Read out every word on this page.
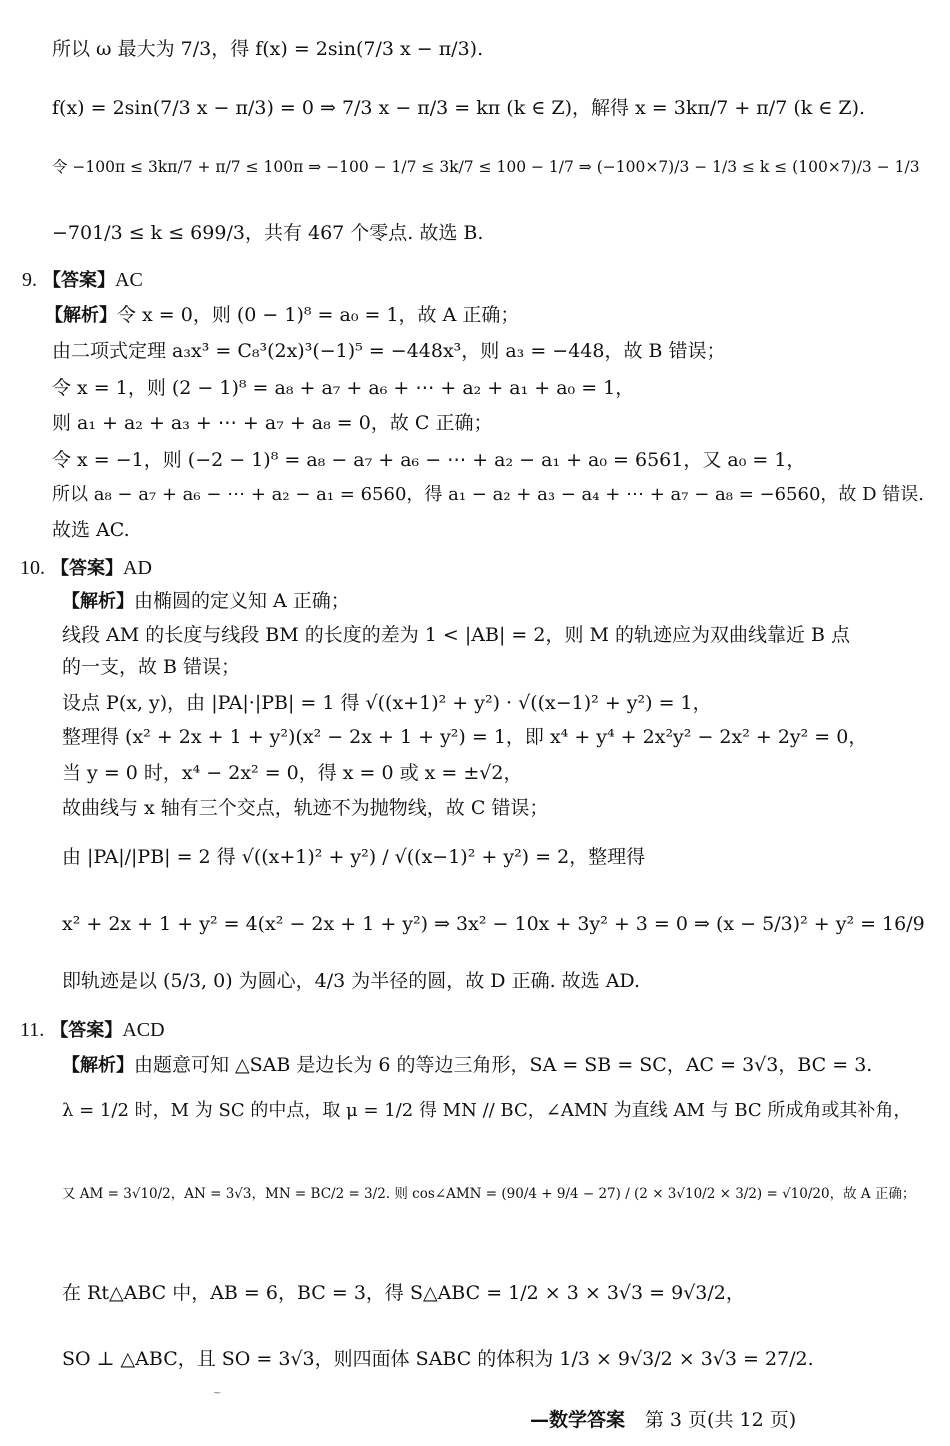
所以 ω 最大为 7/3，得 f(x) = 2sin(7/3 x − π/3).
f(x) = 2sin(7/3 x − π/3) = 0 ⇒ 7/3 x − π/3 = kπ (k ∈ Z)，解得 x = 3kπ/7 + π/7 (k ∈ Z).
令 −100π ≤ 3kπ/7 + π/7 ≤ 100π ⇒ −100 − 1/7 ≤ 3k/7 ≤ 100 − 1/7 ⇒ (−100×7)/3 − 1/3 ≤ k ≤ (100×7)/3 − 1/3
−701/3 ≤ k ≤ 699/3，共有 467 个零点. 故选 B.
9. 【答案】AC
【解析】令 x = 0，则 (0 − 1)⁸ = a₀ = 1，故 A 正确；
由二项式定理 a₃x³ = C₈³(2x)³(−1)⁵ = −448x³，则 a₃ = −448，故 B 错误；
令 x = 1，则 (2 − 1)⁸ = a₈ + a₇ + a₆ + ⋯ + a₂ + a₁ + a₀ = 1，
则 a₁ + a₂ + a₃ + ⋯ + a₇ + a₈ = 0，故 C 正确；
令 x = −1，则 (−2 − 1)⁸ = a₈ − a₇ + a₆ − ⋯ + a₂ − a₁ + a₀ = 6561，又 a₀ = 1，
所以 a₈ − a₇ + a₆ − ⋯ + a₂ − a₁ = 6560，得 a₁ − a₂ + a₃ − a₄ + ⋯ + a₇ − a₈ = −6560，故 D 错误.
故选 AC.
10. 【答案】AD
【解析】由椭圆的定义知 A 正确；
线段 AM 的长度与线段 BM 的长度的差为 1 < |AB| = 2，则 M 的轨迹应为双曲线靠近 B 点
的一支，故 B 错误；
设点 P(x, y)，由 |PA|·|PB| = 1 得 √((x+1)² + y²) · √((x−1)² + y²) = 1，
整理得 (x² + 2x + 1 + y²)(x² − 2x + 1 + y²) = 1，即 x⁴ + y⁴ + 2x²y² − 2x² + 2y² = 0，
当 y = 0 时，x⁴ − 2x² = 0，得 x = 0 或 x = ±√2，
故曲线与 x 轴有三个交点，轨迹不为抛物线，故 C 错误；
由 |PA|/|PB| = 2 得 √((x+1)² + y²) / √((x−1)² + y²) = 2，整理得
x² + 2x + 1 + y² = 4(x² − 2x + 1 + y²) ⇒ 3x² − 10x + 3y² + 3 = 0 ⇒ (x − 5/3)² + y² = 16/9
即轨迹是以 (5/3, 0) 为圆心，4/3 为半径的圆，故 D 正确. 故选 AD.
11. 【答案】ACD
【解析】由题意可知 △SAB 是边长为 6 的等边三角形，SA = SB = SC，AC = 3√3，BC = 3.
λ = 1/2 时，M 为 SC 的中点，取 μ = 1/2 得 MN // BC，∠AMN 为直线 AM 与 BC 所成角或其补角，
又 AM = 3√10/2，AN = 3√3，MN = BC/2 = 3/2. 则 cos∠AMN = (90/4 + 9/4 − 27) / (2 × 3√10/2 × 3/2) = √10/20，故 A 正确；
在 Rt△ABC 中，AB = 6，BC = 3，得 S△ABC = 1/2 × 3 × 3√3 = 9√3/2，
SO ⊥ △ABC，且 SO = 3√3，则四面体 SABC 的体积为 1/3 × 9√3/2 × 3√3 = 27/2.
~
—数学答案 第 3 页(共 12 页)
